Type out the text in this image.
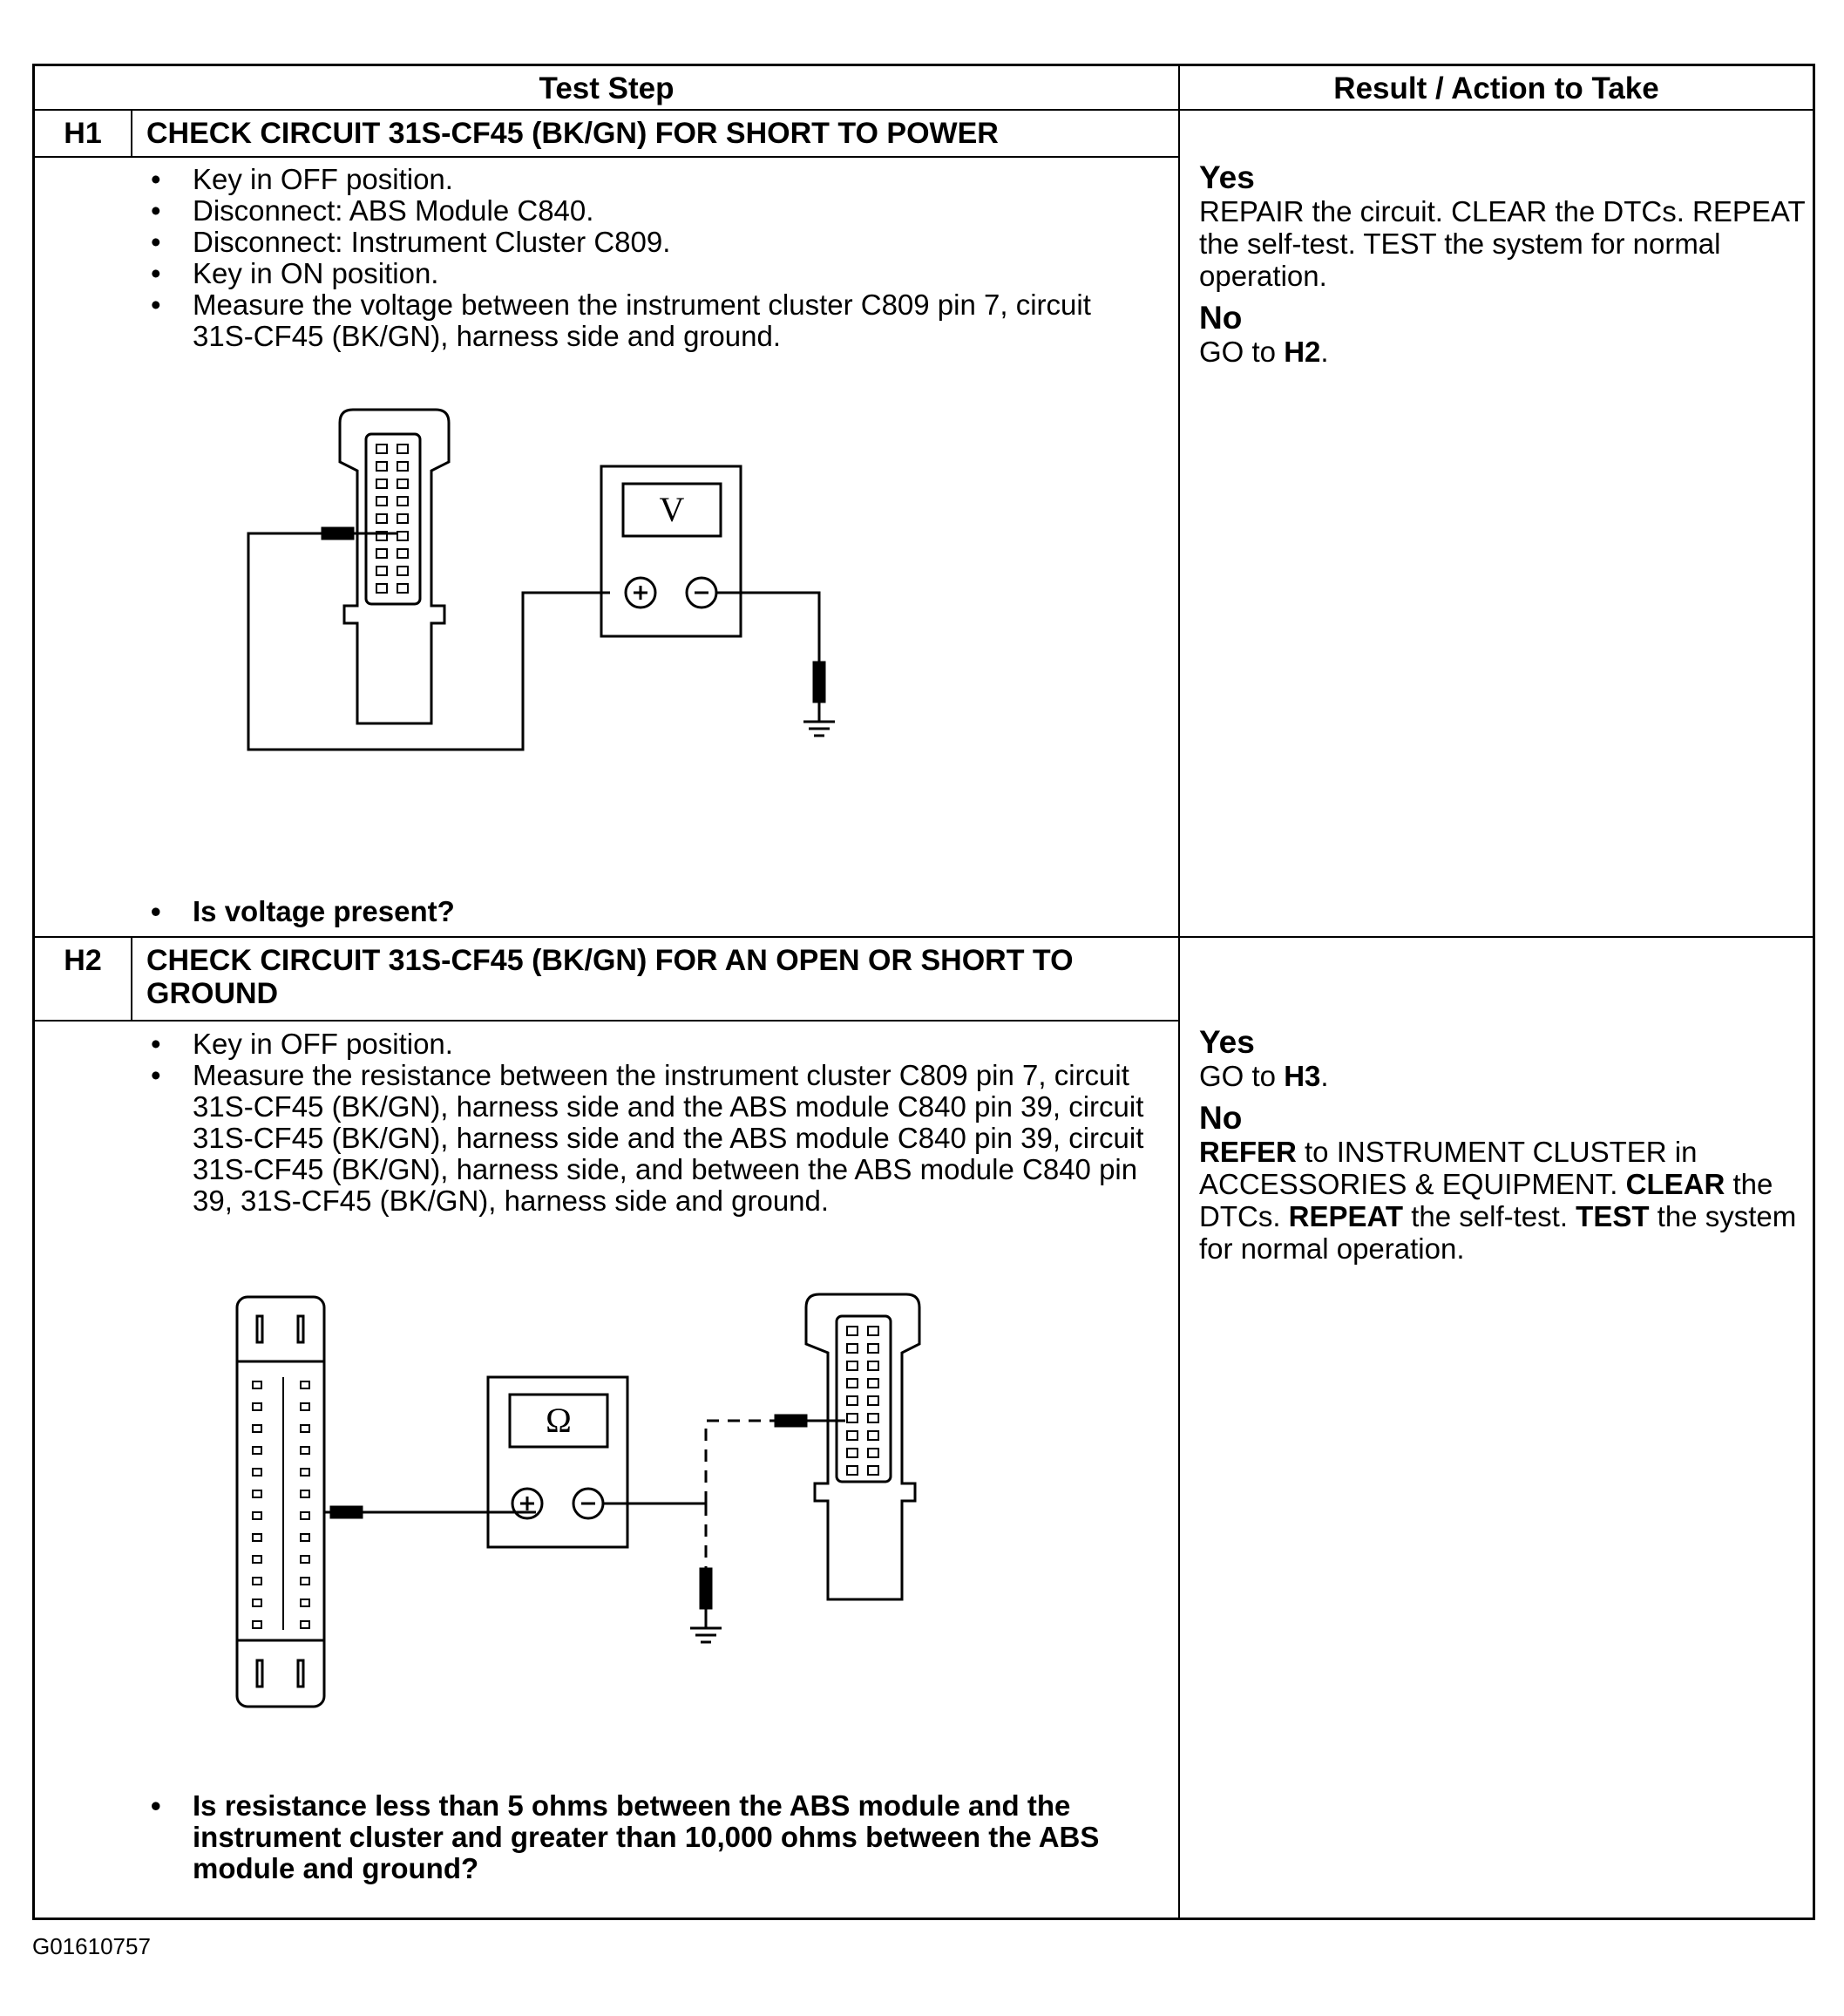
Test Step	Result / Action to Take
H1	CHECK CIRCUIT 31S-CF45 (BK/GN) FOR SHORT TO POWER
• Key in OFF position.
• Disconnect: ABS Module C840.
• Disconnect: Instrument Cluster C809.
• Key in ON position.
• Measure the voltage between the instrument cluster C809 pin 7, circuit 31S-CF45 (BK/GN), harness side and ground.
• Is voltage present?
Yes
REPAIR the circuit. CLEAR the DTCs. REPEAT the self-test. TEST the system for normal operation.
No
GO to H2.
H2	CHECK CIRCUIT 31S-CF45 (BK/GN) FOR AN OPEN OR SHORT TO GROUND
• Key in OFF position.
• Measure the resistance between the instrument cluster C809 pin 7, circuit 31S-CF45 (BK/GN), harness side and the ABS module C840 pin 39, circuit 31S-CF45 (BK/GN), harness side and the ABS module C840 pin 39, circuit 31S-CF45 (BK/GN), harness side, and between the ABS module C840 pin 39, 31S-CF45 (BK/GN), harness side and ground.
• Is resistance less than 5 ohms between the ABS module and the instrument cluster and greater than 10,000 ohms between the ABS module and ground?
Yes
GO to H3.
No
REFER to INSTRUMENT CLUSTER in ACCESSORIES & EQUIPMENT. CLEAR the DTCs. REPEAT the self-test. TEST the system for normal operation.
V
Ω
G01610757
